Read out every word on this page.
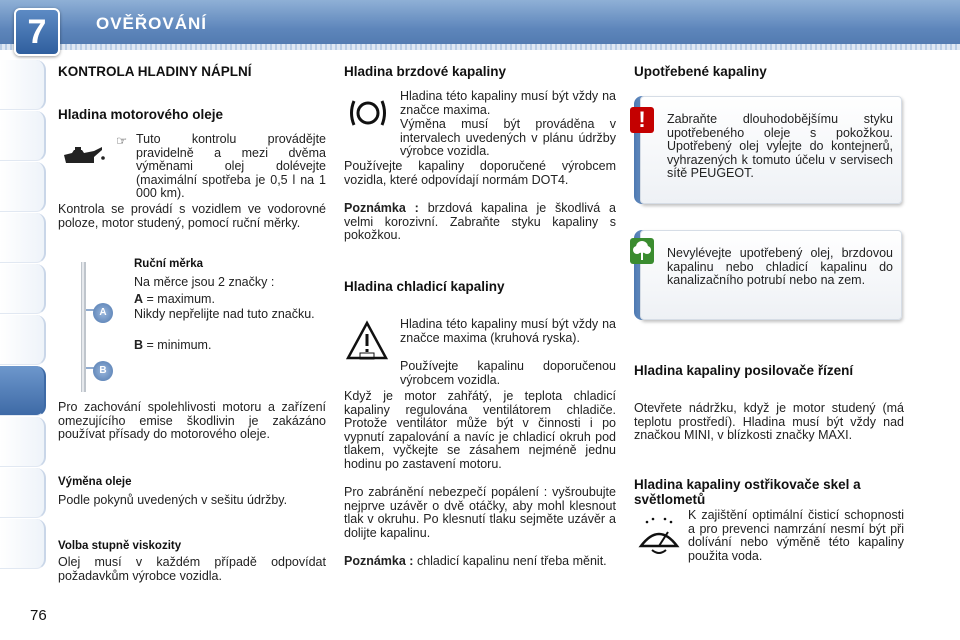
7	OVĚŘOVÁNÍ
KONTROLA HLADINY NÁPLNÍ
Hladina motorového oleje
☞ Tuto kontrolu provádějte pravidelně a mezi dvěma výměnami olej dolévejte (maximální spotřeba je 0,5 l na 1 000 km).

Kontrola se provádí s vozidlem ve vodorovné poloze, motor studený, pomocí ruční měrky.

A
B
Ruční měrka
Na měrce jsou 2 značky :
A = maximum.

Nikdy nepřelijte nad tuto značku.

B = minimum.

Pro zachování spolehlivosti motoru a zařízení omezujícího emise škodlivin je zakázáno používat přísady do motorového oleje.

Výměna oleje
Podle pokynů uvedených v sešitu údržby.
Volba stupně viskozity

Olej musí v každém případě odpovídat požadavkům výrobce vozidla.

Hladina brzdové kapaliny

Hladina této kapaliny musí být vždy na značce maxima.

Výměna musí být prováděna v intervalech uvedených v plánu údržby výrobce vozidla.

Používejte kapaliny doporučené výrobcem vozidla, které odpovídají normám DOT4.

Poznámka : brzdová kapalina je škodlivá a velmi korozivní. Zabraňte styku kapaliny s pokožkou.

Hladina chladicí kapaliny

Hladina této kapaliny musí být vždy na značce maxima (kruhová ryska).

Používejte kapalinu doporučenou výrobcem vozidla.

Když je motor zahřátý, je teplota chladicí kapaliny regulována ventilátorem chladiče. Protože ventilátor může být v činnosti i po vypnutí zapalování a navíc je chladicí okruh pod tlakem, vyčkejte se zásahem nejméně jednu hodinu po zastavení motoru.

Pro zabránění nebezpečí popálení : vyšroubujte nejprve uzávěr o dvě otáčky, aby mohl klesnout tlak v okruhu. Po klesnutí tlaku sejměte uzávěr a dolijte kapalinu.

Poznámka : chladicí kapalinu není třeba měnit.

Upotřebené kapaliny

Zabraňte dlouhodobějšímu styku upotřebeného oleje s pokožkou. Upotřebený olej vylejte do kontejnerů, vyhrazených k tomuto účelu v servisech sítě PEUGEOT.

!

Nevylévejte upotřebený olej, brzdovou kapalinu nebo chladicí kapalinu do kanalizačního potrubí nebo na zem.

Hladina kapaliny posilovače řízení

Otevřete nádržku, když je motor studený (má teplotu prostředí). Hladina musí být vždy nad značkou MINI, v blízkosti značky MAXI.

Hladina kapaliny ostřikovače skel a světlometů

K zajištění optimální čisticí schopnosti a pro prevenci namrzání nesmí být při dolívání nebo výměně této kapaliny použita voda.

76
